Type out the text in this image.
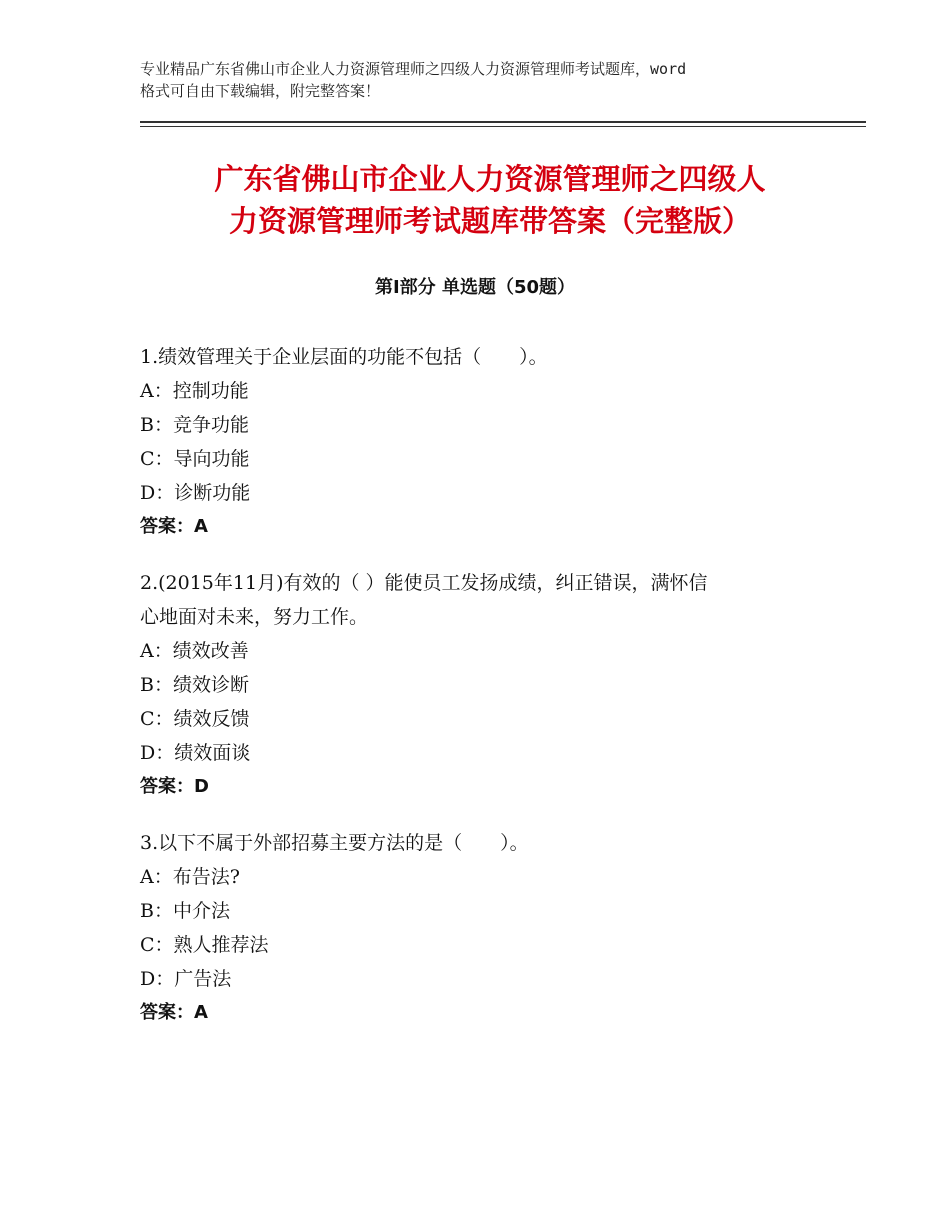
专业精品广东省佛山市企业人力资源管理师之四级人力资源管理师考试题库，word
格式可自由下载编辑，附完整答案！

广东省佛山市企业人力资源管理师之四级人
力资源管理师考试题库带答案（完整版）
第Ⅰ部分 单选题（50题）

1.绩效管理关于企业层面的功能不包括（　　）。

A：控制功能

B：竞争功能

C：导向功能

D：诊断功能

答案：A

2.(2015年11月)有效的（ ）能使员工发扬成绩，纠正错误，满怀信

心地面对未来，努力工作。

A：绩效改善

B：绩效诊断

C：绩效反馈

D：绩效面谈

答案：D

3.以下不属于外部招募主要方法的是（　　）。

A：布告法?

B：中介法

C：熟人推荐法

D：广告法

答案：A
